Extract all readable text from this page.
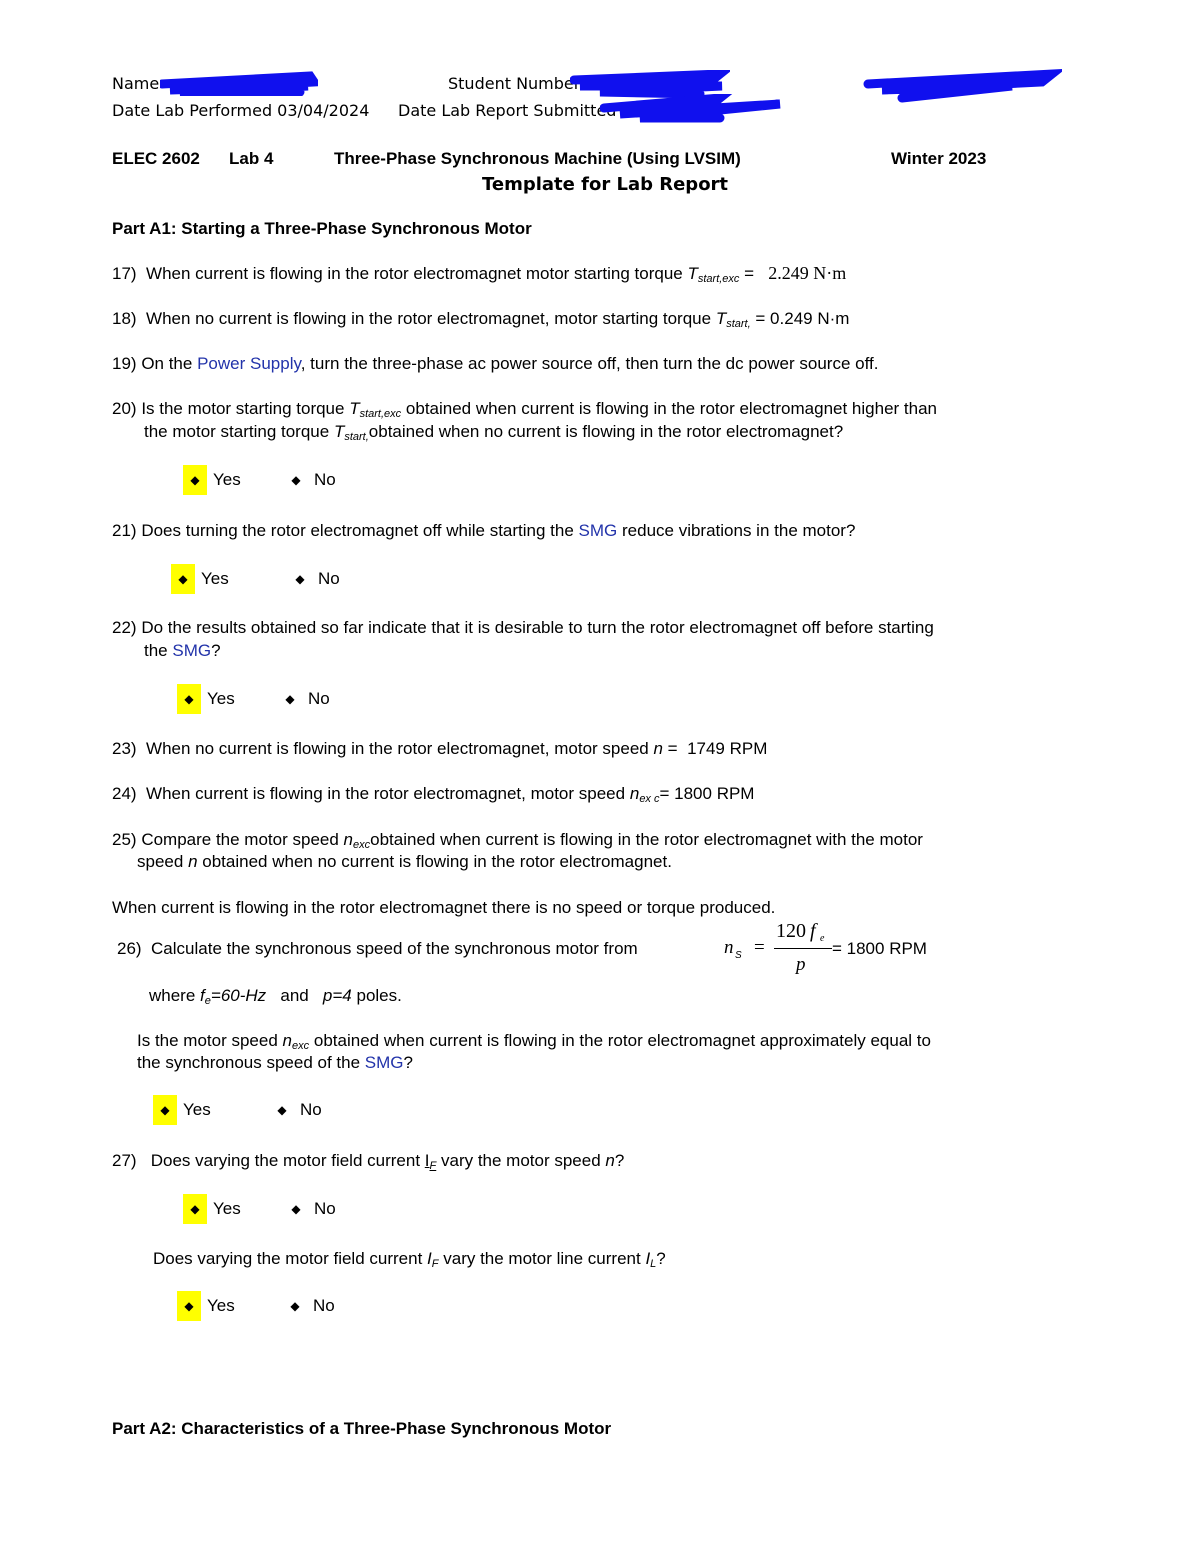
Name	Student Number
Date Lab Performed 03/04/2024 Date Lab Report Submitted
ELEC 2602 Lab 4	Three-Phase Synchronous Machine (Using LVSIM)	Winter 2023
Template for Lab Report
Part A1: Starting a Three-Phase Synchronous Motor
17) When current is flowing in the rotor electromagnet motor starting torque $T_{start,exc} = 2.249$ N·m
18) When no current is flowing in the rotor electromagnet, motor starting torque $T_{start,} = 0.249$ N·m
19) On the Power Supply, turn the three-phase ac power source off, then turn the dc power source off.
20) Is the motor starting torque $T_{start,exc}$ obtained when current is flowing in the rotor electromagnet higher than
the motor starting torque $T_{start,}obtained$ when no current is flowing in the rotor electromagnet?
◆ Yes	◆ No
21) Does turning the rotor electromagnet off while starting the SMG reduce vibrations in the motor?
◆ Yes	◆ No
22) Do the results obtained so far indicate that it is desirable to turn the rotor electromagnet off before starting
the SMG?
◆ Yes	◆ No
23) When no current is flowing in the rotor electromagnet, motor speed n = 1749 RPM
24) When current is flowing in the rotor electromagnet, motor speed $n_{ex c}= 1800$ RPM
25) Compare the motor speed $n_{exc}obtained$ when current is flowing in the rotor electromagnet with the motor
speed n obtained when no current is flowing in the rotor electromagnet.
When current is flowing in the rotor electromagnet there is no speed or torque produced.
26) Calculate the synchronous speed of the synchronous motor from	n S =
120 f e
p
= 1800 RPM
where $f_e=60-Hz$ and p=4 poles.
Is the motor speed $n_{exc}$ obtained when current is flowing in the rotor electromagnet approximately equal to
the synchronous speed of the SMG?
◆ Yes	◆ No
27) Does varying the motor field current $I_F$ vary the motor speed n?
◆ Yes	◆ No
Does varying the motor field current $I_F$ vary the motor line current $I_L$?
◆ Yes	◆ No
Part A2: Characteristics of a Three-Phase Synchronous Motor
